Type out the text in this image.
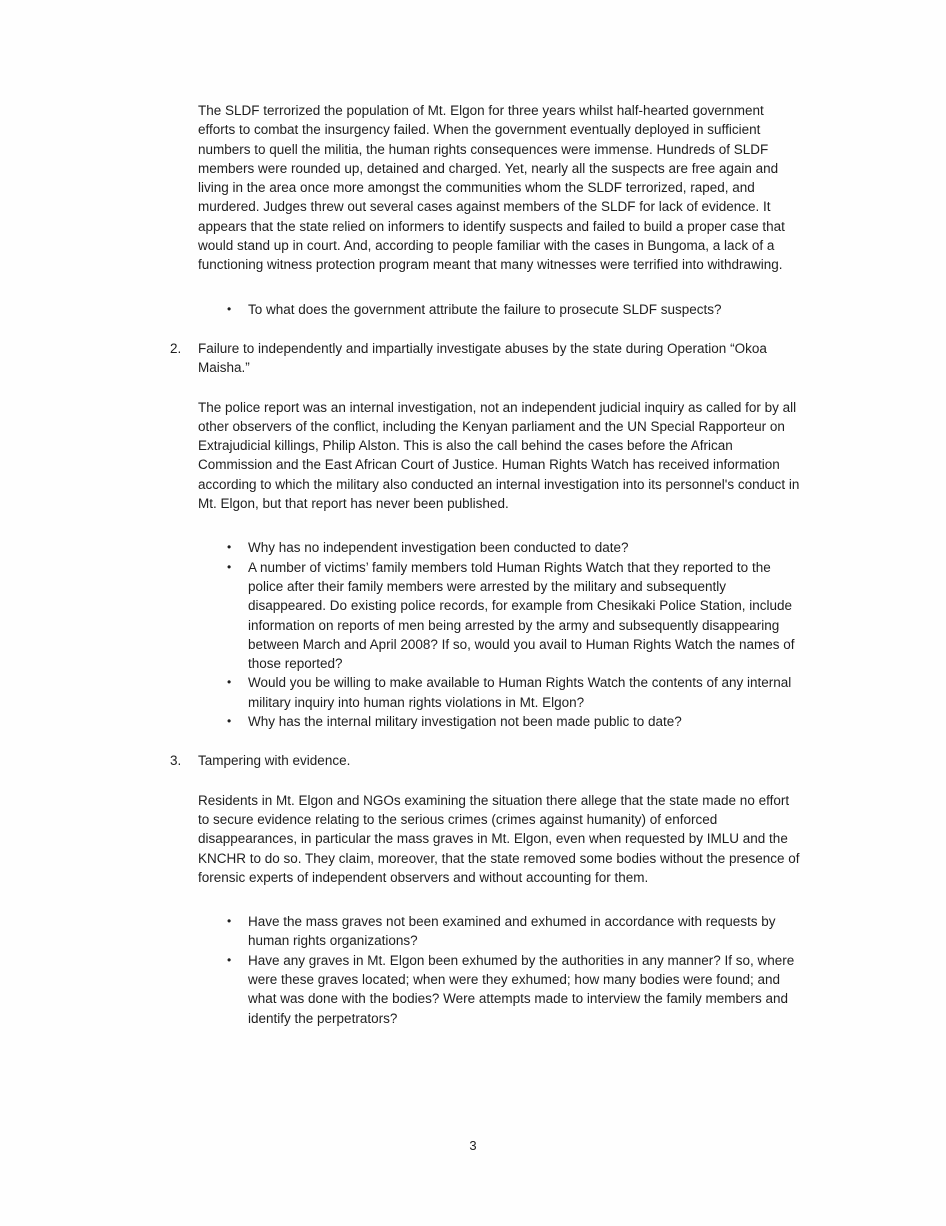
The SLDF terrorized the population of Mt. Elgon for three years whilst half-hearted government efforts to combat the insurgency failed. When the government eventually deployed in sufficient numbers to quell the militia, the human rights consequences were immense. Hundreds of SLDF members were rounded up, detained and charged. Yet, nearly all the suspects are free again and living in the area once more amongst the communities whom the SLDF terrorized, raped, and murdered. Judges threw out several cases against members of the SLDF for lack of evidence. It appears that the state relied on informers to identify suspects and failed to build a proper case that would stand up in court. And, according to people familiar with the cases in Bungoma, a lack of a functioning witness protection program meant that many witnesses were terrified into withdrawing.

•	To what does the government attribute the failure to prosecute SLDF suspects?
2.	Failure to independently and impartially investigate abuses by the state during Operation “Okoa Maisha.”

The police report was an internal investigation, not an independent judicial inquiry as called for by all other observers of the conflict, including the Kenyan parliament and the UN Special Rapporteur on Extrajudicial killings, Philip Alston. This is also the call behind the cases before the African Commission and the East African Court of Justice. Human Rights Watch has received information according to which the military also conducted an internal investigation into its personnel's conduct in Mt. Elgon, but that report has never been published.

•	Why has no independent investigation been conducted to date?
•	A number of victims’ family members told Human Rights Watch that they reported to the police after their family members were arrested by the military and subsequently disappeared. Do existing police records, for example from Chesikaki Police Station, include information on reports of men being arrested by the army and subsequently disappearing between March and April 2008? If so, would you avail to Human Rights Watch the names of those reported?
•	Would you be willing to make available to Human Rights Watch the contents of any internal military inquiry into human rights violations in Mt. Elgon?
•	Why has the internal military investigation not been made public to date?
3.	Tampering with evidence.

Residents in Mt. Elgon and NGOs examining the situation there allege that the state made no effort to secure evidence relating to the serious crimes (crimes against humanity) of enforced disappearances, in particular the mass graves in Mt. Elgon, even when requested by IMLU and the KNCHR to do so. They claim, moreover, that the state removed some bodies without the presence of forensic experts of independent observers and without accounting for them.

•	Have the mass graves not been examined and exhumed in accordance with requests by human rights organizations?
•	Have any graves in Mt. Elgon been exhumed by the authorities in any manner? If so, where were these graves located; when were they exhumed; how many bodies were found; and what was done with the bodies? Were attempts made to interview the family members and identify the perpetrators?
3
